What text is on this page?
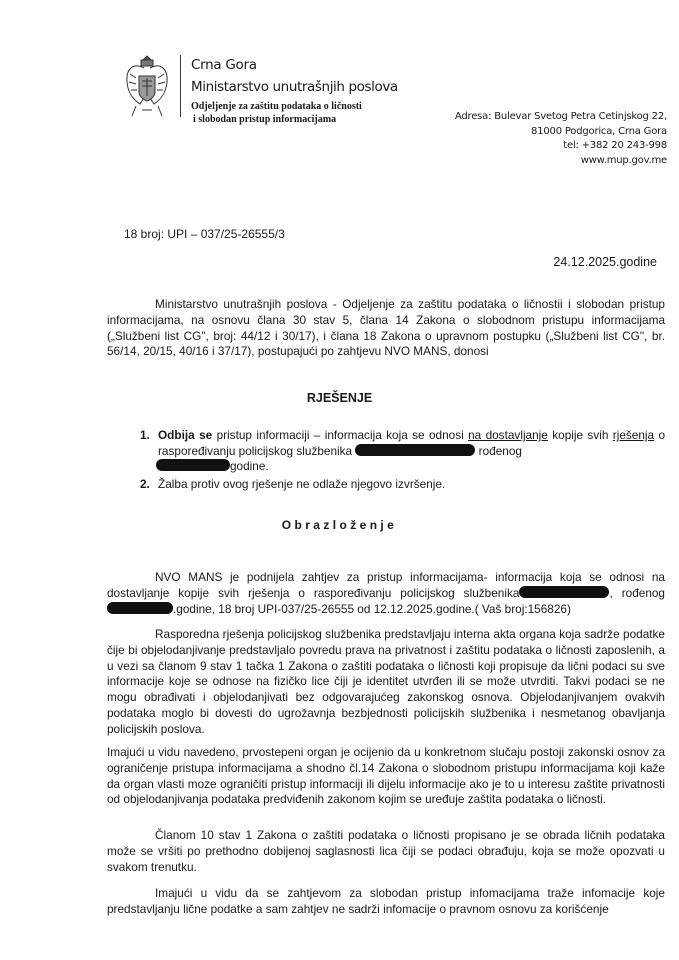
Crna Gora
Ministarstvo unutrašnjih poslova
Odjeljenje za zaštitu podataka o ličnosti
i slobodan pristup informacijama	Adresa: Bulevar Svetog Petra Cetinjskog 22,
81000 Podgorica, Crna Gora
tel: +382 20 243-998
www.mup.gov.me
18 broj: UPI – 037/25-26555/3
24.12.2025.godine
Ministarstvo unutrašnjih poslova - Odjeljenje za zaštitu podataka o ličnostii i slobodan pristup informacijama, na osnovu člana 30 stav 5, člana 14 Zakona o slobodnom pristupu informacijama („Službeni list CG", broj: 44/12 i 30/17), i člana 18 Zakona o upravnom postupku („Službeni list CG", br. 56/14, 20/15, 40/16 i 37/17), postupajući po zahtjevu NVO MANS, donosi
RJEŠENJE
1. Odbija se pristup informaciji – informacija koja se odnosi na dostavljanje kopije svih rješenja o raspoređivanju policijskog službenika	rođenog
godine.
2. Žalba protiv ovog rješenje ne odlaže njegovo izvršenje.
Obrazloženje
NVO MANS je podnijela zahtjev za pristup informacijama- informacija koja se odnosi na dostavljanje kopije svih rješenja o raspoređivanju policijskog službenika	, rođenog.godine, 18 broj UPI-037/25-26555 od 12.12.2025.godine.( Vaš broj:156826)
Rasporedna rješenja policijskog službenika predstavljaju interna akta organa koja sadrže podatke čije bi objelodanjivanje predstavljalo povredu prava na privatnost i zaštitu podataka o ličnosti zaposlenih, a u vezi sa članom 9 stav 1 tačka 1 Zakona o zaštiti podataka o ličnosti koji propisuje da lični podaci su sve informacije koje se odnose na fizičko lice čiji je identitet utvrđen ili se može utvrditi. Takvi podaci se ne mogu obrađivati i objelodanjivati bez odgovarajućeg zakonskog osnova. Objelodanjivanjem ovakvih podataka moglo bi dovesti do ugrožavnja bezbjednosti policijskih službenika i nesmetanog obavljanja policijskih poslova.
Imajući u vidu navedeno, prvostepeni organ je ocijenio da u konkretnom slučaju postoji zakonski osnov za ograničenje pristupa informacijama a shodno čl.14 Zakona o slobodnom pristupu informacijama koji kaže da organ vlasti moze ograničiti pristup informaciji ili dijelu informacije ako je to u interesu zaštite privatnosti od objelodanjivanja podataka predviđenih zakonom kojim se uređuje zaštita podataka o ličnosti.
Članom 10 stav 1 Zakona o zaštiti podataka o ličnosti propisano je se obrada ličnih podataka može se vršiti po prethodno dobijenoj saglasnosti lica čiji se podaci obrađuju, koja se može opozvati u svakom trenutku.
Imajući u vidu da se zahtjevom za slobodan pristup infomacijama traže infomacije koje predstavljanju lične podatke a sam zahtjev ne sadrži infomacije o pravnom osnovu za korišćenje
